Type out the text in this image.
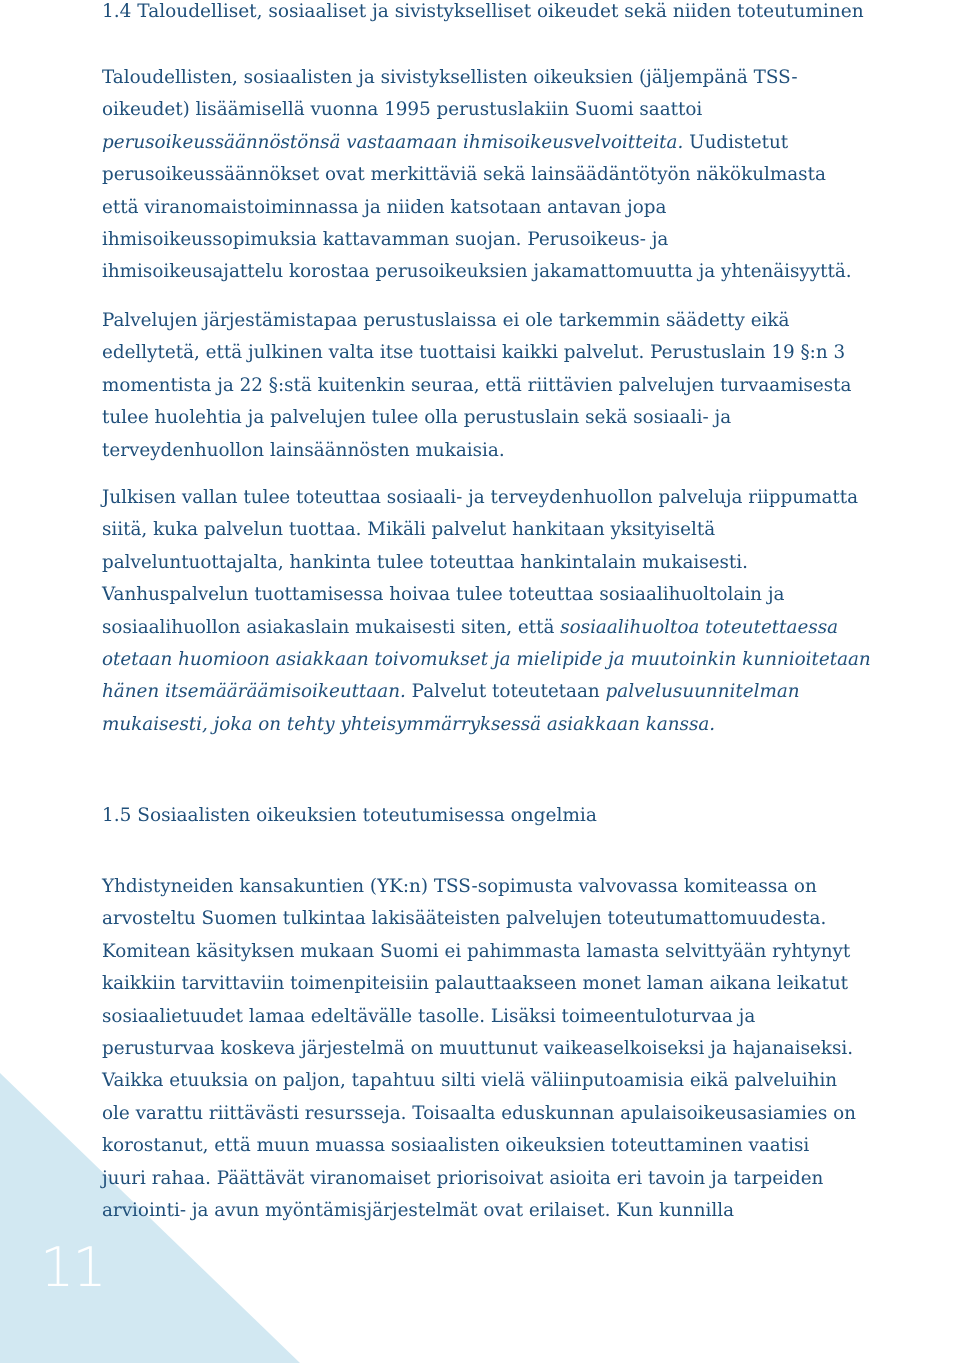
11
1.4 Taloudelliset, sosiaaliset ja sivistykselliset oikeudet sekä niiden toteutuminen
Taloudellisten, sosiaalisten ja sivistyksellisten oikeuksien (jäljempänä TSS-
oikeudet) lisäämisellä vuonna 1995 perustuslakiin Suomi saattoi
perusoikeussäännöstönsä vastaamaan ihmisoikeusvelvoitteita. Uudistetut
perusoikeussäännökset ovat merkittäviä sekä lainsäädäntötyön näkökulmasta
että viranomaistoiminnassa ja niiden katsotaan antavan jopa
ihmisoikeussopimuksia kattavamman suojan. Perusoikeus- ja
ihmisoikeusajattelu korostaa perusoikeuksien jakamattomuutta ja yhtenäisyyttä.
Palvelujen järjestämistapaa perustuslaissa ei ole tarkemmin säädetty eikä
edellytetä, että julkinen valta itse tuottaisi kaikki palvelut. Perustuslain 19 §:n 3
momentista ja 22 §:stä kuitenkin seuraa, että riittävien palvelujen turvaamisesta
tulee huolehtia ja palvelujen tulee olla perustuslain sekä sosiaali- ja
terveydenhuollon lainsäännösten mukaisia.
Julkisen vallan tulee toteuttaa sosiaali- ja terveydenhuollon palveluja riippumatta
siitä, kuka palvelun tuottaa. Mikäli palvelut hankitaan yksityiseltä
palveluntuottajalta, hankinta tulee toteuttaa hankintalain mukaisesti.
Vanhuspalvelun tuottamisessa hoivaa tulee toteuttaa sosiaalihuoltolain ja
sosiaalihuollon asiakaslain mukaisesti siten, että sosiaalihuoltoa toteutettaessa
otetaan huomioon asiakkaan toivomukset ja mielipide ja muutoinkin kunnioitetaan
hänen itsemääräämisoikeuttaan. Palvelut toteutetaan palvelusuunnitelman
mukaisesti, joka on tehty yhteisymmärryksessä asiakkaan kanssa.
1.5 Sosiaalisten oikeuksien toteutumisessa ongelmia
Yhdistyneiden kansakuntien (YK:n) TSS-sopimusta valvovassa komiteassa on
arvosteltu Suomen tulkintaa lakisääteisten palvelujen toteutumattomuudesta.
Komitean käsityksen mukaan Suomi ei pahimmasta lamasta selvittyään ryhtynyt
kaikkiin tarvittaviin toimenpiteisiin palauttaakseen monet laman aikana leikatut
sosiaalietuudet lamaa edeltävälle tasolle. Lisäksi toimeentuloturvaa ja
perusturvaa koskeva järjestelmä on muuttunut vaikeaselkoiseksi ja hajanaiseksi.
Vaikka etuuksia on paljon, tapahtuu silti vielä väliinputoamisia eikä palveluihin
ole varattu riittävästi resursseja. Toisaalta eduskunnan apulaisoikeusasiamies on
korostanut, että muun muassa sosiaalisten oikeuksien toteuttaminen vaatisi
juuri rahaa. Päättävät viranomaiset priorisoivat asioita eri tavoin ja tarpeiden
arviointi- ja avun myöntämisjärjestelmät ovat erilaiset. Kun kunnilla
